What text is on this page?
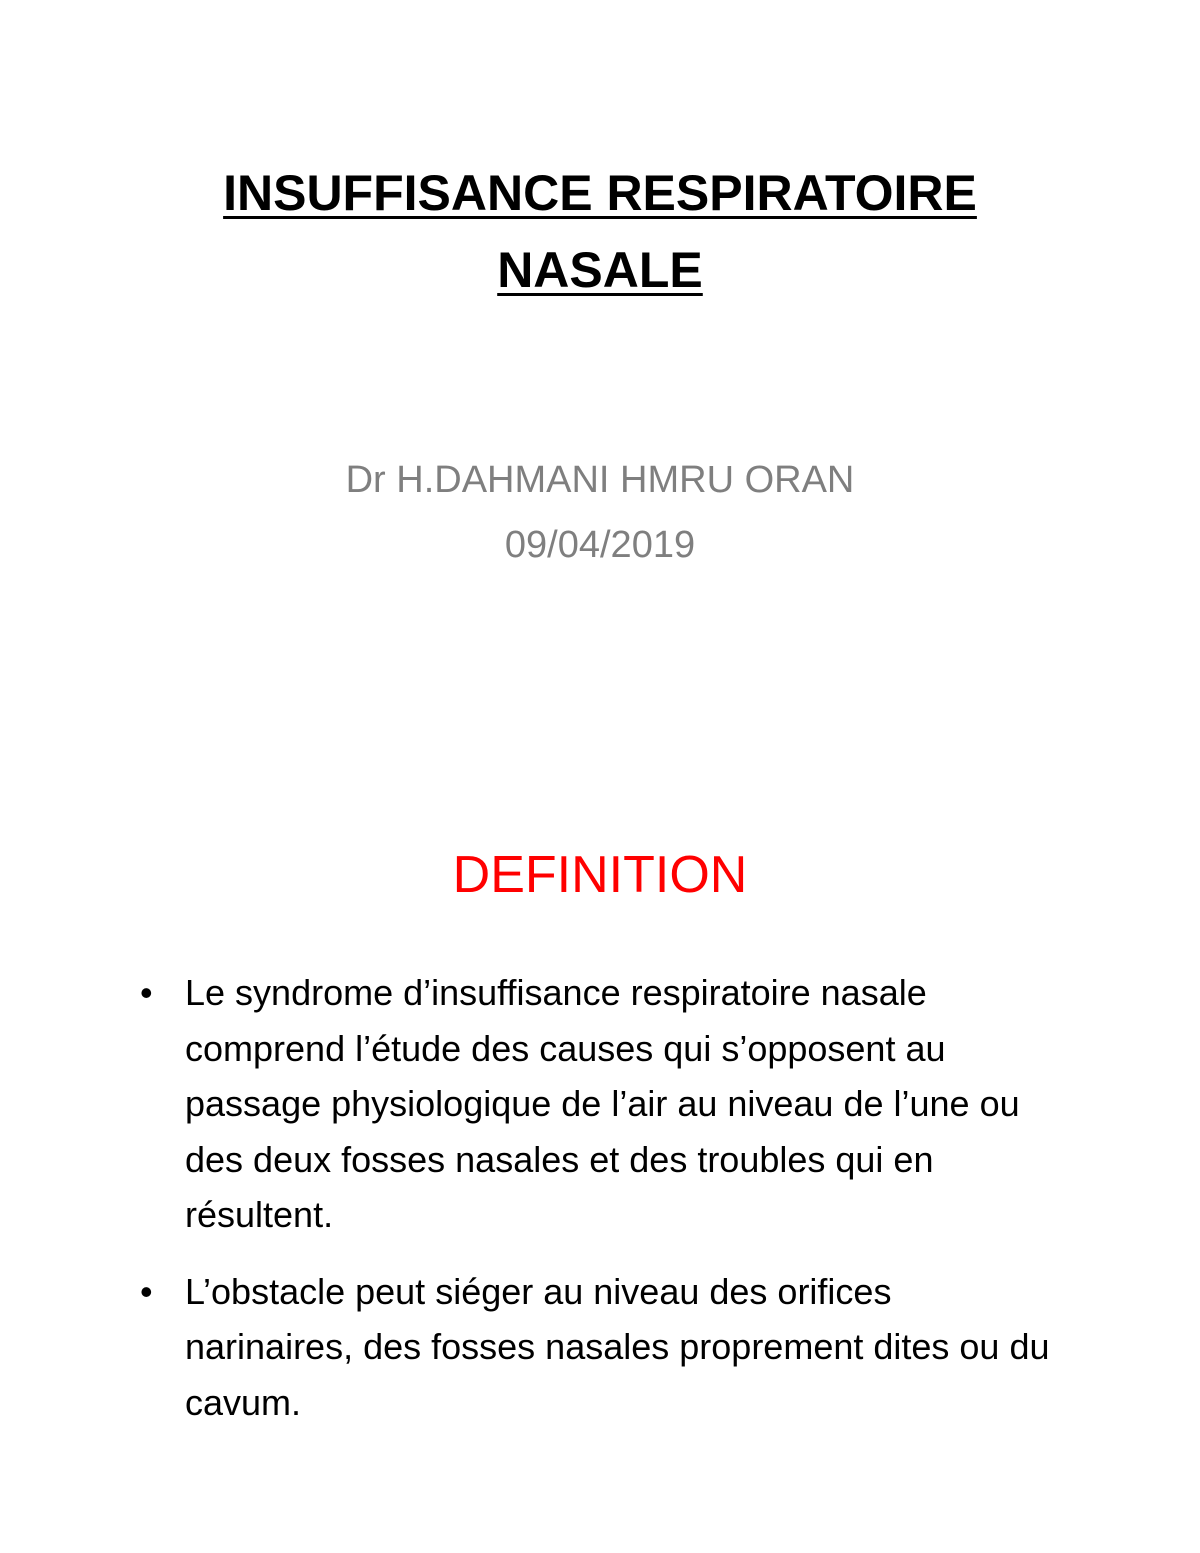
INSUFFISANCE RESPIRATOIRE
NASALE
Dr H.DAHMANI HMRU ORAN
09/04/2019
DEFINITION
• Le syndrome d’insuffisance respiratoire nasale comprend l’étude des causes qui s’opposent au passage physiologique de l’air au niveau de l’une ou des deux fosses nasales et des troubles qui en résultent.
• L’obstacle peut siéger au niveau des orifices narinaires, des fosses nasales proprement dites ou du cavum.
